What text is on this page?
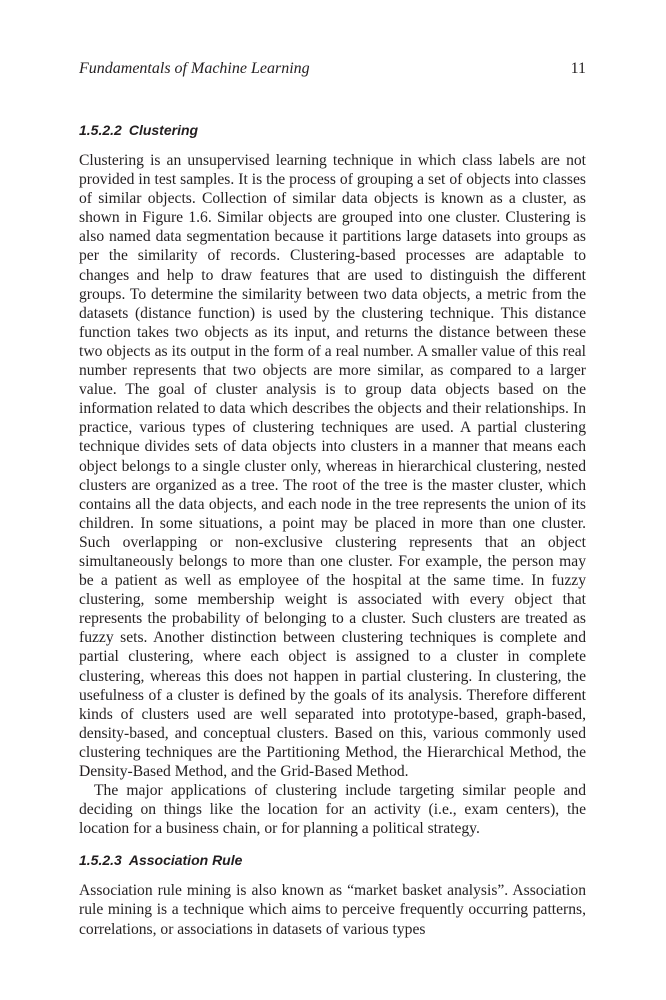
Fundamentals of Machine Learning	11
1.5.2.2 Clustering

Clustering is an unsupervised learning technique in which class labels are not provided in test samples. It is the process of grouping a set of objects into classes of similar objects. Collection of similar data objects is known as a cluster, as shown in Figure 1.6. Similar objects are grouped into one cluster. Clustering is also named data segmentation because it partitions large datasets into groups as per the similarity of records. Clustering-based processes are adaptable to changes and help to draw features that are used to distinguish the different groups. To determine the similarity between two data objects, a metric from the datasets (distance function) is used by the clustering technique. This distance function takes two objects as its input, and returns the distance between these two objects as its output in the form of a real number. A smaller value of this real number represents that two objects are more similar, as compared to a larger value. The goal of cluster analysis is to group data objects based on the information related to data which describes the objects and their relationships. In practice, various types of clustering techniques are used. A partial clustering technique divides sets of data objects into clusters in a manner that means each object belongs to a single cluster only, whereas in hierarchical clustering, nested clusters are organized as a tree. The root of the tree is the master cluster, which contains all the data objects, and each node in the tree represents the union of its children. In some situations, a point may be placed in more than one cluster. Such overlapping or non-exclusive clustering represents that an object simultaneously belongs to more than one cluster. For example, the person may be a patient as well as employee of the hospital at the same time. In fuzzy clustering, some membership weight is associated with every object that represents the probability of belonging to a cluster. Such clusters are treated as fuzzy sets. Another distinction between clustering techniques is complete and partial clustering, where each object is assigned to a cluster in complete clustering, whereas this does not happen in partial clustering. In clustering, the usefulness of a cluster is defined by the goals of its analysis. Therefore different kinds of clusters used are well separated into prototype-based, graph-based, density-based, and conceptual clusters. Based on this, various commonly used clustering techniques are the Partitioning Method, the Hierarchical Method, the Density-Based Method, and the Grid-Based Method.

The major applications of clustering include targeting similar people and deciding on things like the location for an activity (i.e., exam centers), the location for a business chain, or for planning a political strategy.

1.5.2.3 Association Rule

Association rule mining is also known as “market basket analysis”. Association rule mining is a technique which aims to perceive frequently occurring patterns, correlations, or associations in datasets of various types
